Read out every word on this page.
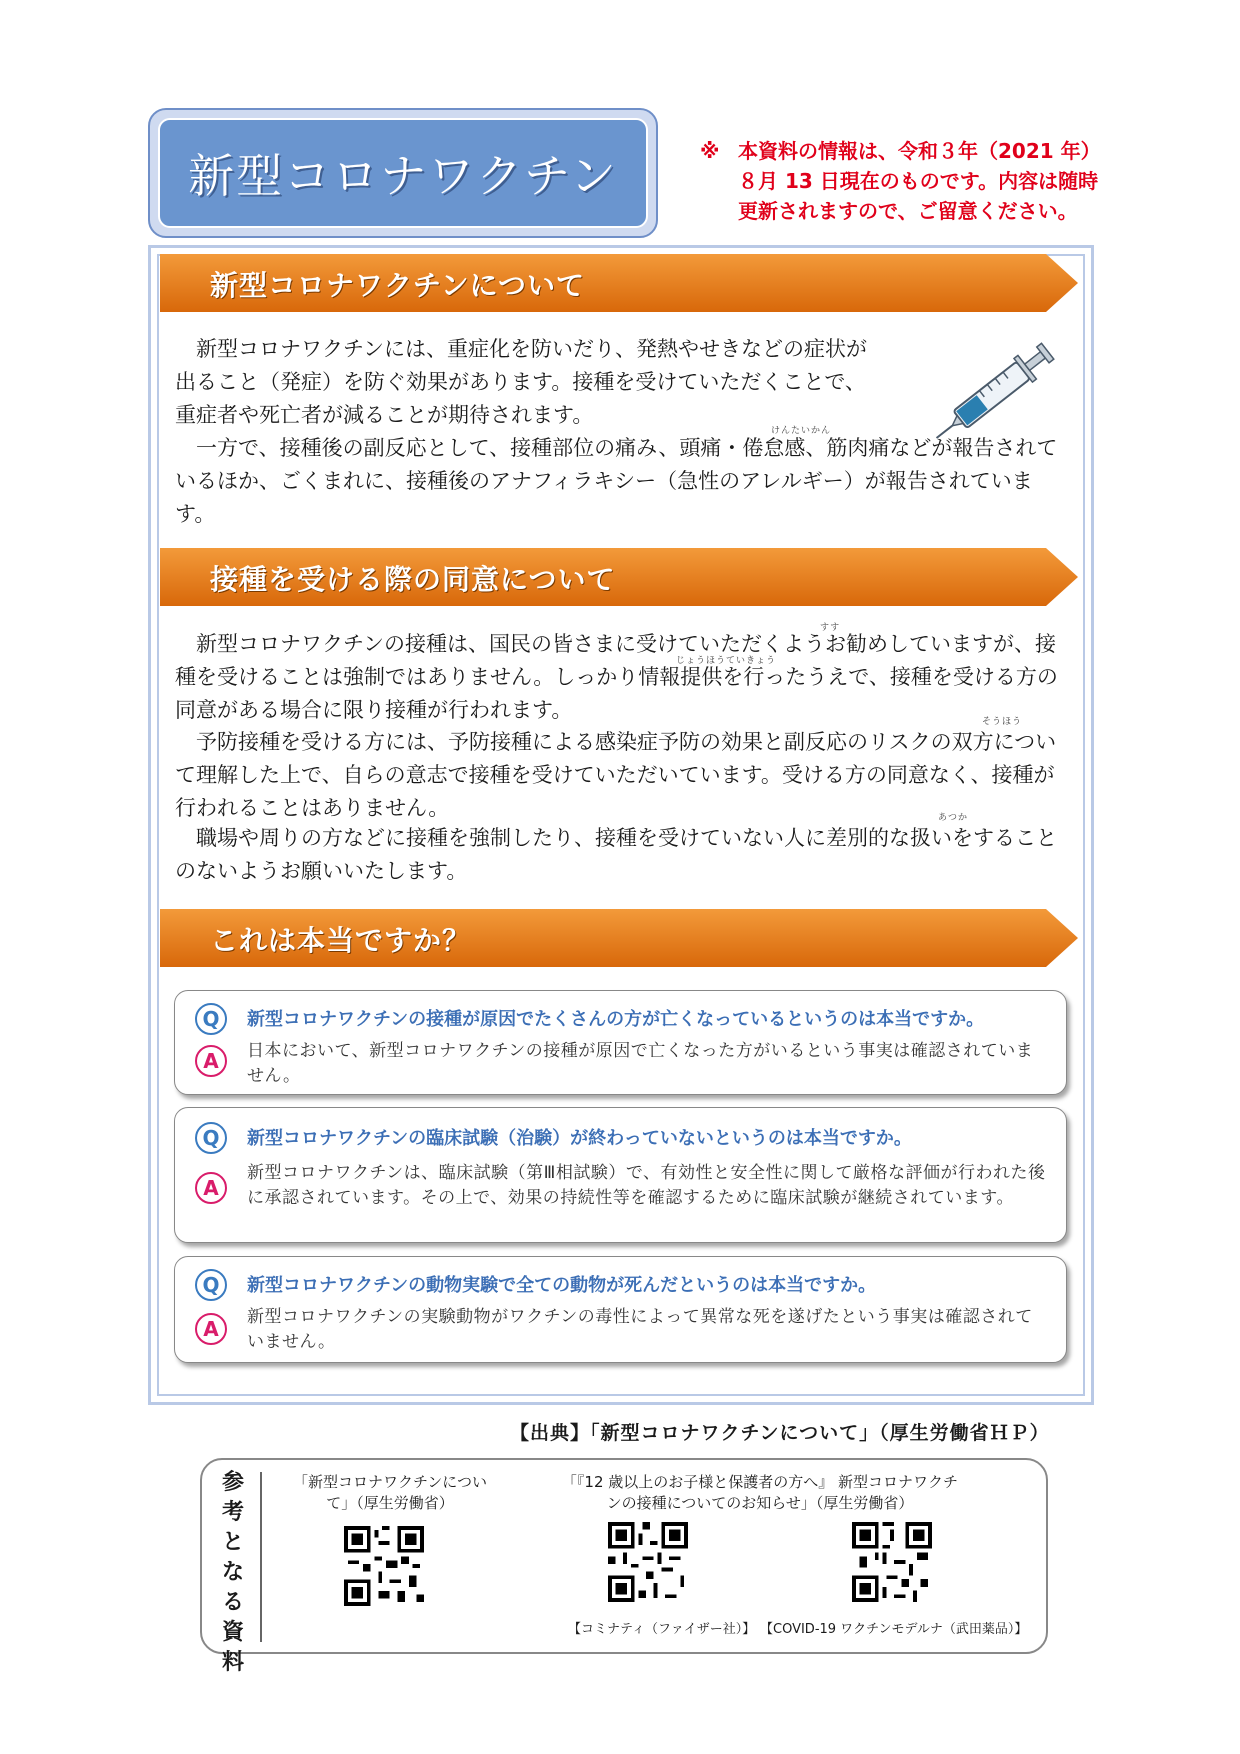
新型コロナワクチン	※ 本資料の情報は、令和３年（2021 年）８月 13 日現在のものです。内容は随時更新されますので、ご留意ください。
新型コロナワクチンについて

新型コロナワクチンには、重症化を防いだり、発熱やせきなどの症状が出ること（発症）を防ぐ効果があります。接種を受けていただくことで、重症者や死亡者が減ることが期待されます。

一方で、接種後の副反応として、接種部位の痛み、頭痛・倦怠感、筋肉痛などが報告されているほか、ごくまれに、接種後のアナフィラキシー（急性のアレルギー）が報告されています。

けんたいかん
接種を受ける際の同意について

新型コロナワクチンの接種は、国民の皆さまに受けていただくようお勧めしていますが、接種を受けることは強制ではありません。しっかり情報提供を行ったうえで、接種を受ける方の同意がある場合に限り接種が行われます。

予防接種を受ける方には、予防接種による感染症予防の効果と副反応のリスクの双方について理解した上で、自らの意志で接種を受けていただいています。受ける方の同意なく、接種が行われることはありません。

職場や周りの方などに接種を強制したり、接種を受けていない人に差別的な扱いをすることのないようお願いいたします。

すす
じょうほうていきょう
そうほう
あつか
これは本当ですか？
Q	新型コロナワクチンの接種が原因でたくさんの方が亡くなっているというのは本当ですか。
A	日本において、新型コロナワクチンの接種が原因で亡くなった方がいるという事実は確認されていません。
Q	新型コロナワクチンの臨床試験（治験）が終わっていないというのは本当ですか。
A
新型コロナワクチンは、臨床試験（第Ⅲ相試験）で、有効性と安全性に関して厳格な評価が行われた後に承認されています。その上で、効果の持続性等を確認するために臨床試験が継続されています。
Q	新型コロナワクチンの動物実験で全ての動物が死んだというのは本当ですか。
A	新型コロナワクチンの実験動物がワクチンの毒性によって異常な死を遂げたという事実は確認されていません。
【出典】「新型コロナワクチンについて」（厚生労働省ＨＰ）
参考となる資料
「新型コロナワクチンについて」（厚生労働省）
「『12 歳以上のお子様と保護者の方へ』 新型コロナワクチンの接種についてのお知らせ」（厚生労働省）
【コミナティ（ファイザー社）】 【COVID-19 ワクチンモデルナ（武田薬品）】
